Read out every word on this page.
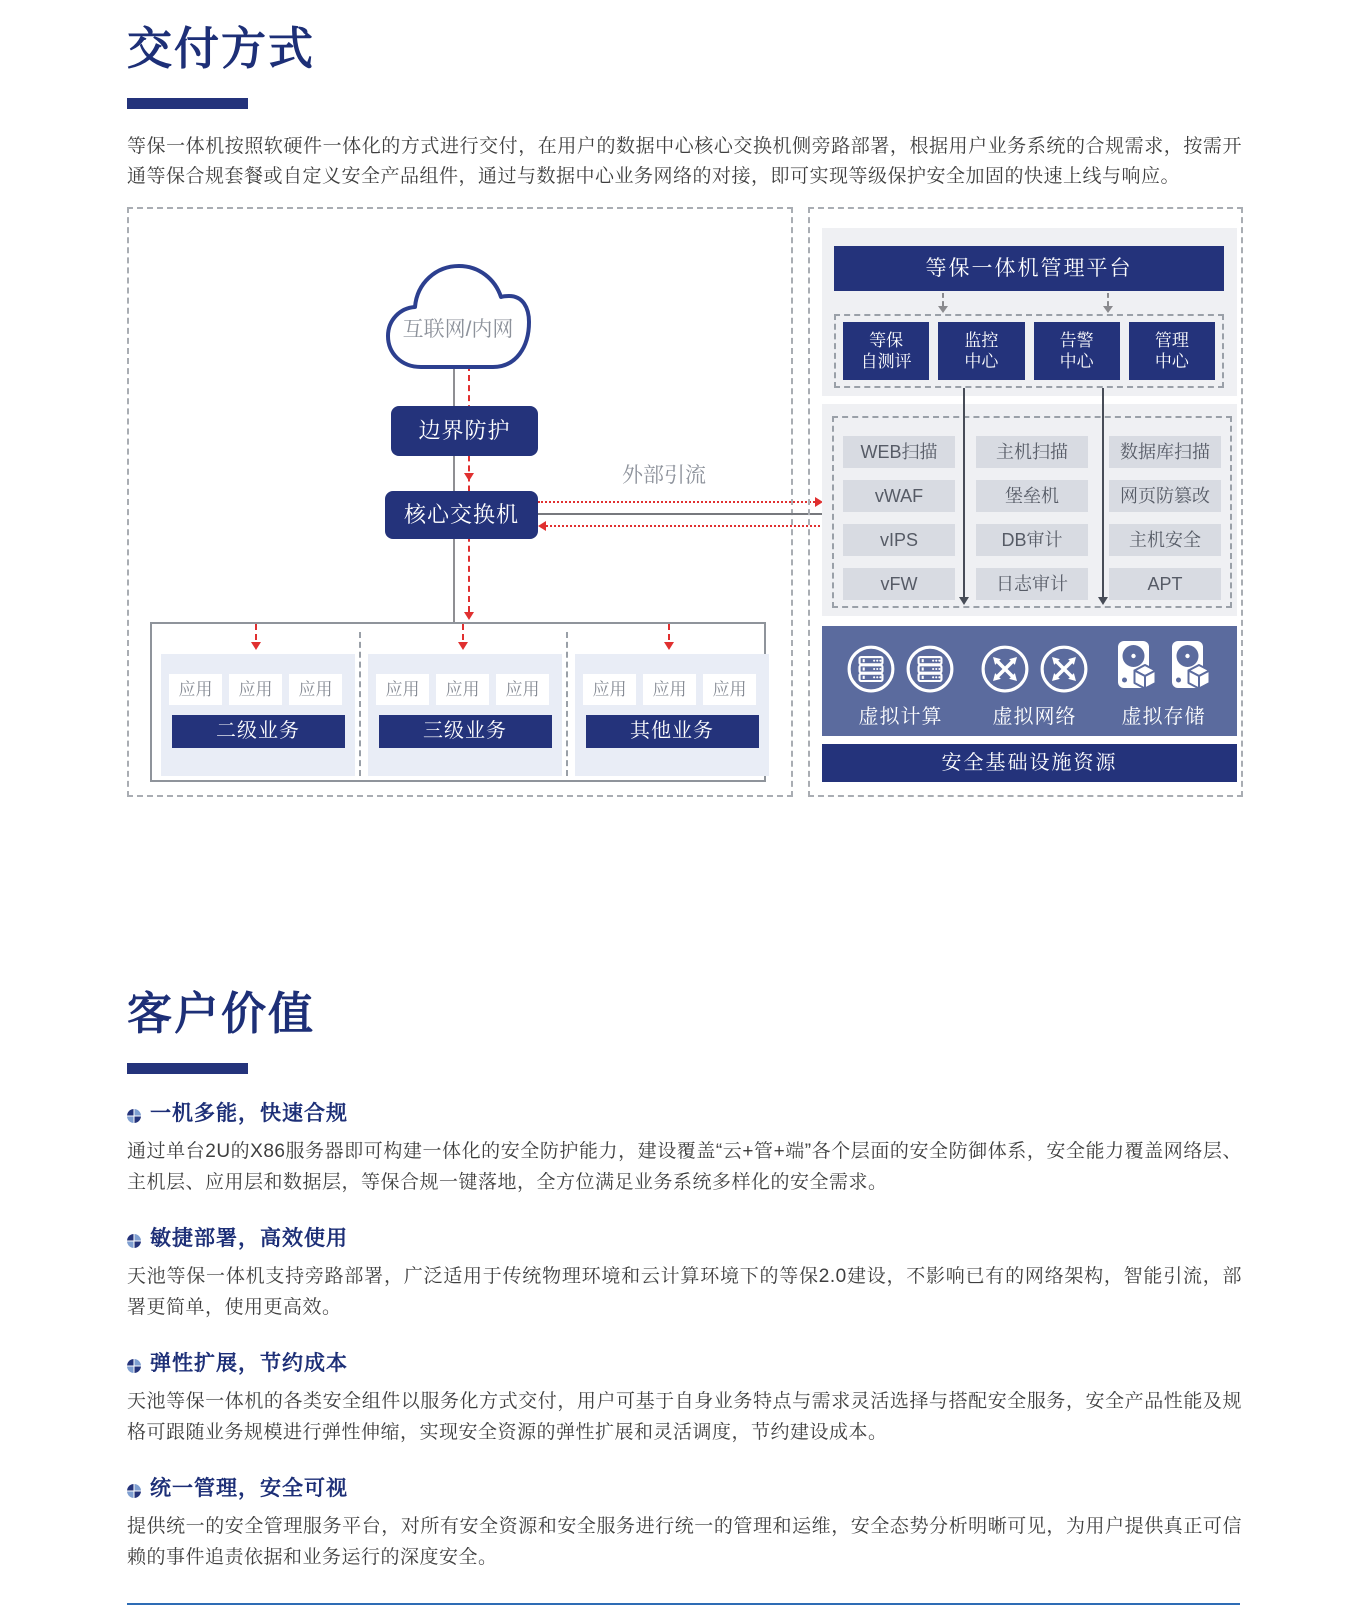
交付方式

等保一体机按照软硬件一体化的方式进行交付，在用户的数据中心核心交换机侧旁路部署，根据用户业务系统的合规需求，按需开通等保合规套餐或自定义安全产品组件，通过与数据中心业务网络的对接，即可实现等级保护安全加固的快速上线与响应。

互联网/内网
边界防护
核心交换机
外部引流
应用	应用	应用
二级业务
应用	应用	应用
三级业务
应用	应用	应用
其他业务
等保一体机管理平台
等保
自测评
监控
中心
告警
中心
管理
中心
WEB扫描	主机扫描	数据库扫描
vWAF	堡垒机	网页防篡改
vIPS	DB审计	主机安全
vFW	日志审计	APT
虚拟计算	虚拟网络	虚拟存储
安全基础设施资源
客户价值
一机多能，快速合规

通过单台2U的X86服务器即可构建一体化的安全防护能力，建设覆盖“云+管+端”各个层面的安全防御体系，安全能力覆盖网络层、主机层、应用层和数据层，等保合规一键落地，全方位满足业务系统多样化的安全需求。

敏捷部署，高效使用

天池等保一体机支持旁路部署，广泛适用于传统物理环境和云计算环境下的等保2.0建设，不影响已有的网络架构，智能引流，部署更简单，使用更高效。

弹性扩展，节约成本

天池等保一体机的各类安全组件以服务化方式交付，用户可基于自身业务特点与需求灵活选择与搭配安全服务，安全产品性能及规格可跟随业务规模进行弹性伸缩，实现安全资源的弹性扩展和灵活调度，节约建设成本。

统一管理，安全可视

提供统一的安全管理服务平台，对所有安全资源和安全服务进行统一的管理和运维，安全态势分析明晰可见，为用户提供真正可信赖的事件追责依据和业务运行的深度安全。
